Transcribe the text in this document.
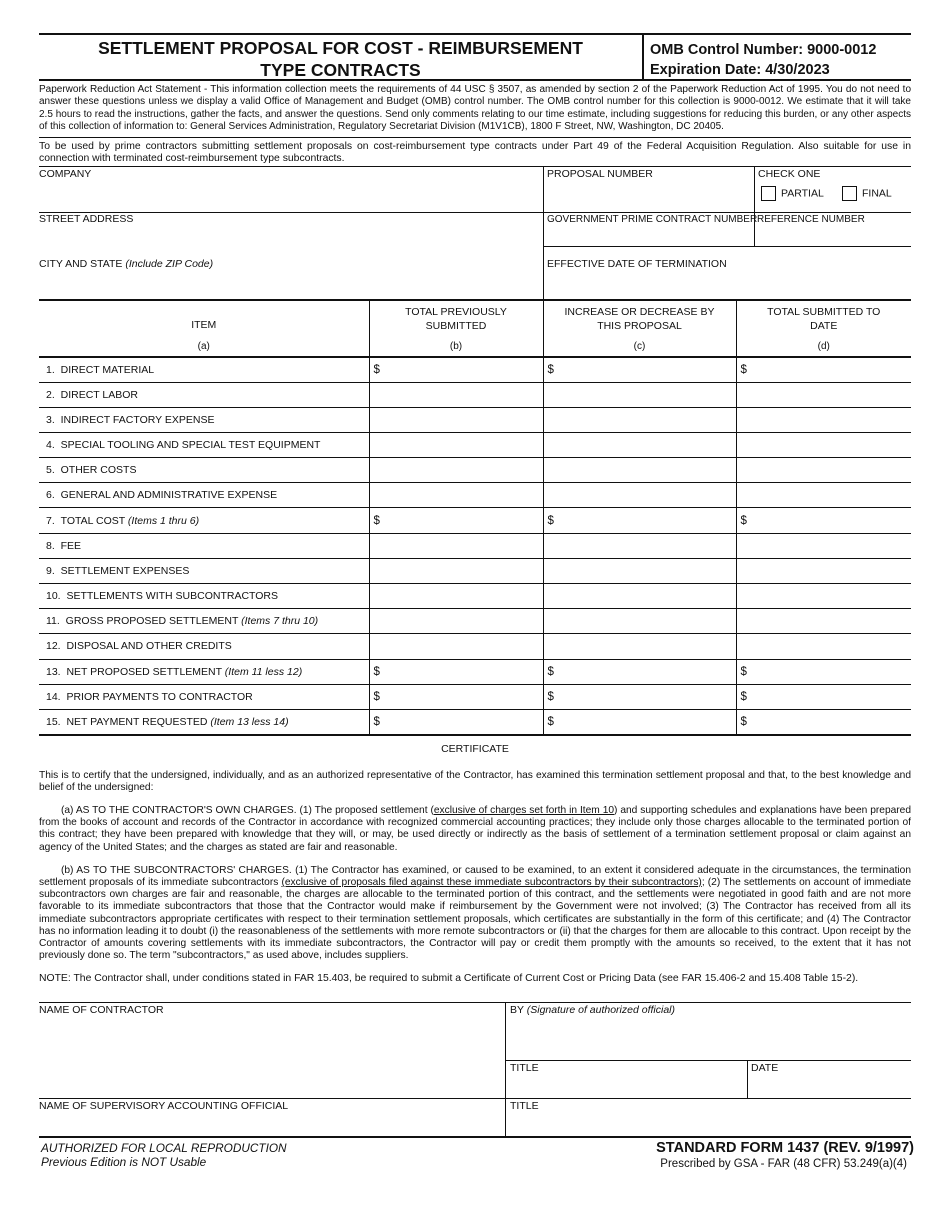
SETTLEMENT PROPOSAL FOR COST - REIMBURSEMENT
TYPE CONTRACTS
OMB Control Number: 9000-0012
Expiration Date: 4/30/2023

Paperwork Reduction Act Statement - This information collection meets the requirements of 44 USC § 3507, as amended by section 2 of the Paperwork Reduction Act of 1995. You do not need to answer these questions unless we display a valid Office of Management and Budget (OMB) control number. The OMB control number for this collection is 9000-0012. We estimate that it will take 2.5 hours to read the instructions, gather the facts, and answer the questions. Send only comments relating to our time estimate, including suggestions for reducing this burden, or any other aspects of this collection of information to: General Services Administration, Regulatory Secretariat Division (M1V1CB), 1800 F Street, NW, Washington, DC 20405.

To be used by prime contractors submitting settlement proposals on cost-reimbursement type contracts under Part 49 of the Federal Acquisition Regulation. Also suitable for use in connection with terminated cost-reimbursement type subcontracts.

COMPANY	PROPOSAL NUMBER	CHECK ONE
PARTIAL	FINAL
STREET ADDRESS	GOVERNMENT PRIME CONTRACT NUMBER REFERENCE NUMBER
CITY AND STATE (Include ZIP Code)	EFFECTIVE DATE OF TERMINATION
ITEM	TOTAL PREVIOUSLY SUBMITTED	INCREASE OR DECREASE BY THIS PROPOSAL	TOTAL SUBMITTED TO DATE
(a)	(b)	(c)	(d)
1. DIRECT MATERIAL	$	$	$
2. DIRECT LABOR			
3. INDIRECT FACTORY EXPENSE			
4. SPECIAL TOOLING AND SPECIAL TEST EQUIPMENT			
5. OTHER COSTS			
6. GENERAL AND ADMINISTRATIVE EXPENSE			
7. TOTAL COST (Items 1 thru 6)	$	$	$
8. FEE			
9. SETTLEMENT EXPENSES			
10. SETTLEMENTS WITH SUBCONTRACTORS			
11. GROSS PROPOSED SETTLEMENT (Items 7 thru 10)			
12. DISPOSAL AND OTHER CREDITS			
13. NET PROPOSED SETTLEMENT (Item 11 less 12)	$	$	$
14. PRIOR PAYMENTS TO CONTRACTOR	$	$	$
15. NET PAYMENT REQUESTED (Item 13 less 14)	$	$	$
CERTIFICATE

This is to certify that the undersigned, individually, and as an authorized representative of the Contractor, has examined this termination settlement proposal and that, to the best knowledge and belief of the undersigned:

(a) AS TO THE CONTRACTOR'S OWN CHARGES. (1) The proposed settlement (exclusive of charges set forth in Item 10) and supporting schedules and explanations have been prepared from the books of account and records of the Contractor in accordance with recognized commercial accounting practices; they include only those charges allocable to the terminated portion of this contract; they have been prepared with knowledge that they will, or may, be used directly or indirectly as the basis of settlement of a termination settlement proposal or claim against an agency of the United States; and the charges as stated are fair and reasonable.

(b) AS TO THE SUBCONTRACTORS' CHARGES. (1) The Contractor has examined, or caused to be examined, to an extent it considered adequate in the circumstances, the termination settlement proposals of its immediate subcontractors (exclusive of proposals filed against these immediate subcontractors by their subcontractors); (2) The settlements on account of immediate subcontractors own charges are fair and reasonable, the charges are allocable to the terminated portion of this contract, and the settlements were negotiated in good faith and are not more favorable to its immediate subcontractors that those that the Contractor would make if reimbursement by the Government were not involved; (3) The Contractor has received from all its immediate subcontractors appropriate certificates with respect to their termination settlement proposals, which certificates are substantially in the form of this certificate; and (4) The Contractor has no information leading it to doubt (i) the reasonableness of the settlements with more remote subcontractors or (ii) that the charges for them are allocable to this contract. Upon receipt by the Contractor of amounts covering settlements with its immediate subcontractors, the Contractor will pay or credit them promptly with the amounts so received, to the extent that it has not previously done so. The term "subcontractors," as used above, includes suppliers.

NOTE: The Contractor shall, under conditions stated in FAR 15.403, be required to submit a Certificate of Current Cost or Pricing Data (see FAR 15.406-2 and 15.408 Table 15-2).

NAME OF CONTRACTOR	BY (Signature of authorized official)
TITLE	DATE
NAME OF SUPERVISORY ACCOUNTING OFFICIAL	TITLE
AUTHORIZED FOR LOCAL REPRODUCTION
Previous Edition is NOT Usable
STANDARD FORM 1437 (REV. 9/1997)
Prescribed by GSA - FAR (48 CFR) 53.249(a)(4)
